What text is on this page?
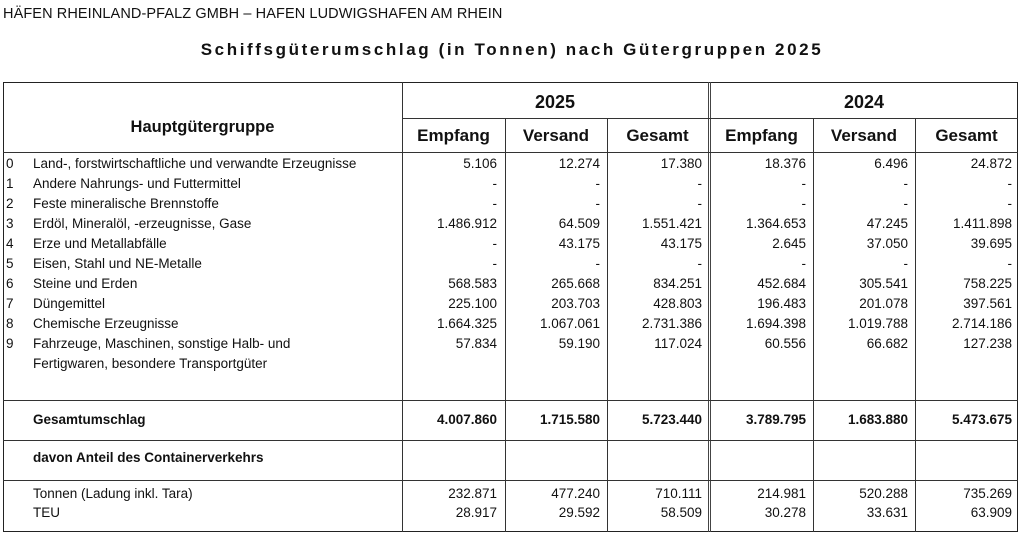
HÄFEN RHEINLAND-PFALZ GMBH – HAFEN LUDWIGSHAFEN AM RHEIN
Schiffsgüterumschlag (in Tonnen) nach Gütergruppen 2025
Hauptgütergruppe
2025	2024
Empfang	Versand	Gesamt	Empfang	Versand	Gesamt
0 Land-, forstwirtschaftliche und verwandte Erzeugnisse	5.106	12.274	17.380	18.376	6.496	24.872
1 Andere Nahrungs- und Futtermittel	-	-	-	-	-	-
2 Feste mineralische Brennstoffe	-	-	-	-	-	-
3 Erdöl, Mineralöl, -erzeugnisse, Gase	1.486.912	64.509	1.551.421	1.364.653	47.245	1.411.898
4 Erze und Metallabfälle	-	43.175	43.175	2.645	37.050	39.695
5 Eisen, Stahl und NE-Metalle	-	-	-	-	-	-
6 Steine und Erden	568.583	265.668	834.251	452.684	305.541	758.225
7 Düngemittel	225.100	203.703	428.803	196.483	201.078	397.561
8 Chemische Erzeugnisse	1.664.325	1.067.061	2.731.386	1.694.398	1.019.788	2.714.186
9 Fahrzeuge, Maschinen, sonstige Halb- und	57.834	59.190	117.024	60.556	66.682	127.238
Fertigwaren, besondere Transportgüter
Gesamtumschlag	4.007.860	1.715.580	5.723.440	3.789.795	1.683.880	5.473.675
davon Anteil des Containerverkehrs
Tonnen (Ladung inkl. Tara)	232.871	477.240	710.111	214.981	520.288	735.269
TEU	28.917	29.592	58.509	30.278	33.631	63.909
